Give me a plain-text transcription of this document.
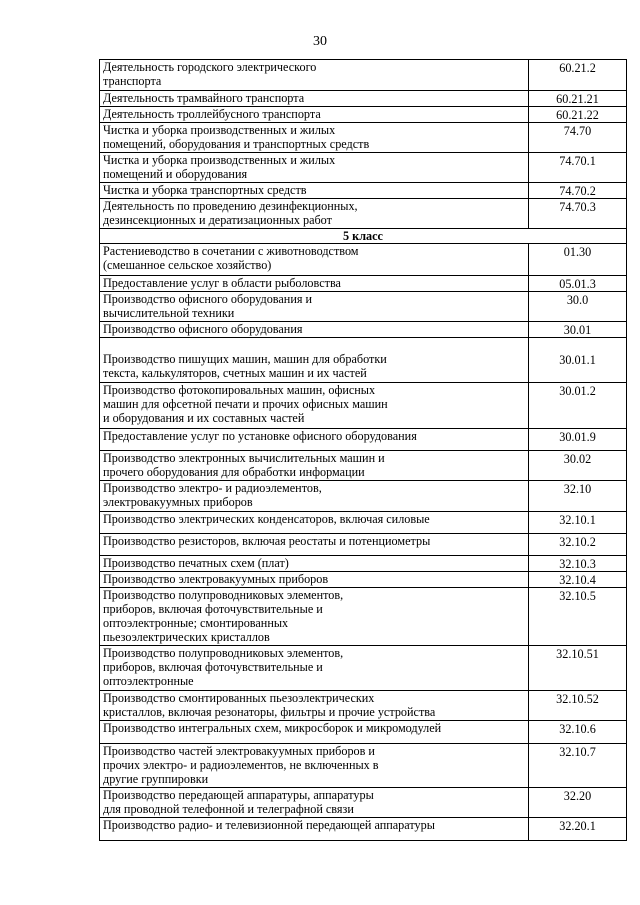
30
Деятельность городского электрического
транспорта	60.21.2
Деятельность трамвайного транспорта	60.21.21
Деятельность троллейбусного транспорта	60.21.22
Чистка и уборка производственных и жилых
помещений, оборудования и транспортных средств	74.70
Чистка и уборка производственных и жилых
помещений и оборудования	74.70.1
Чистка и уборка транспортных средств	74.70.2
Деятельность по проведению дезинфекционных,
дезинсекционных и дератизационных работ	74.70.3
5 класс	
Растениеводство в сочетании с животноводством
(смешанное сельское хозяйство)	01.30
Предоставление услуг в области рыболовства	05.01.3
Производство офисного оборудования и
вычислительной техники	30.0
Производство офисного оборудования	30.01

Производство пишущих машин, машин для обработки
текста, калькуляторов, счетных машин и их частей	
30.01.1
Производство фотокопировальных машин, офисных
машин для офсетной печати и прочих офисных машин
и оборудования и их составных частей	30.01.2
Предоставление услуг по установке офисного оборудования	30.01.9
Производство электронных вычислительных машин и
прочего оборудования для обработки информации	30.02
Производство электро- и радиоэлементов,
электровакуумных приборов	32.10
Производство электрических конденсаторов, включая силовые	32.10.1
Производство резисторов, включая реостаты и потенциометры	32.10.2
Производство печатных схем (плат)	32.10.3
Производство электровакуумных приборов	32.10.4
Производство полупроводниковых элементов,
приборов, включая фоточувствительные и
оптоэлектронные; смонтированных
пьезоэлектрических кристаллов	32.10.5
Производство полупроводниковых элементов,
приборов, включая фоточувствительные и
оптоэлектронные	32.10.51
Производство смонтированных пьезоэлектрических
кристаллов, включая резонаторы, фильтры и прочие устройства	32.10.52
Производство интегральных схем, микросборок и микромодулей	32.10.6
Производство частей электровакуумных приборов и
прочих электро- и радиоэлементов, не включенных в
другие группировки	32.10.7
Производство передающей аппаратуры, аппаратуры
для проводной телефонной и телеграфной связи	32.20
Производство радио- и телевизионной передающей аппаратуры	32.20.1
